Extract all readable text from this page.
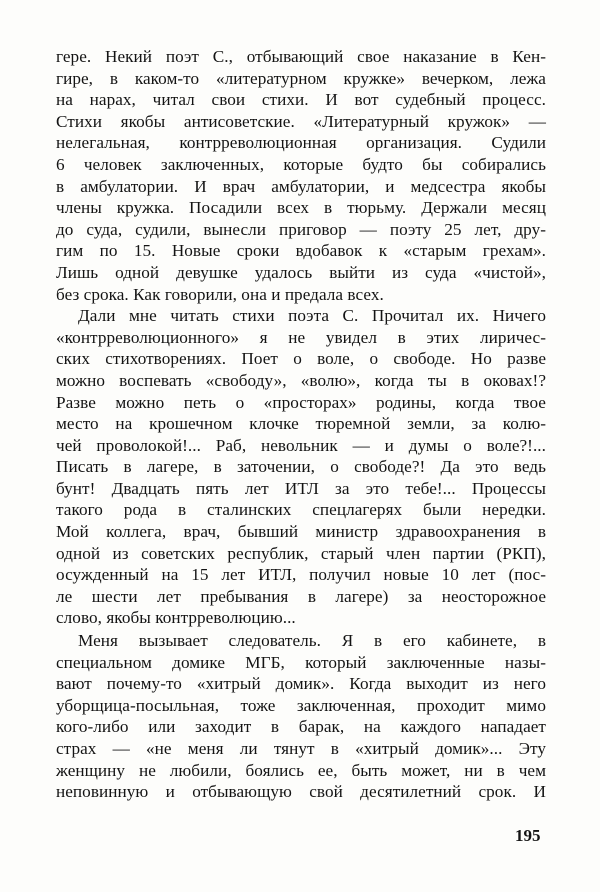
гере. Некий поэт С., отбывающий свое наказание в Кен-
гире, в каком-то «литературном кружке» вечерком, лежа
на нарах, читал свои стихи. И вот судебный процесс.
Стихи якобы антисоветские. «Литературный кружок» —
нелегальная, контрреволюционная организация. Судили
6 человек заключенных, которые будто бы собирались
в амбулатории. И врач амбулатории, и медсестра якобы
члены кружка. Посадили всех в тюрьму. Держали месяц
до суда, судили, вынесли приговор — поэту 25 лет, дру-
гим по 15. Новые сроки вдобавок к «старым грехам».
Лишь одной девушке удалось выйти из суда «чистой»,
без срока. Как говорили, она и предала всех.
Дали мне читать стихи поэта С. Прочитал их. Ничего
«контрреволюционного» я не увидел в этих лиричес-
ских стихотворениях. Поет о воле, о свободе. Но разве
можно воспевать «свободу», «волю», когда ты в оковах!?
Разве можно петь о «просторах» родины, когда твое
место на крошечном клочке тюремной земли, за колю-
чей проволокой!... Раб, невольник — и думы о воле?!...
Писать в лагере, в заточении, о свободе?! Да это ведь
бунт! Двадцать пять лет ИТЛ за это тебе!... Процессы
такого рода в сталинских спецлагерях были нередки.
Мой коллега, врач, бывший министр здравоохранения в
одной из советских республик, старый член партии (РКП),
осужденный на 15 лет ИТЛ, получил новые 10 лет (пос-
ле шести лет пребывания в лагере) за неосторожное
слово, якобы контрреволюцию...
Меня вызывает следователь. Я в его кабинете, в
специальном домике МГБ, который заключенные назы-
вают почему-то «хитрый домик». Когда выходит из него
уборщица-посыльная, тоже заключенная, проходит мимо
кого-либо или заходит в барак, на каждого нападает
страх — «не меня ли тянут в «хитрый домик»... Эту
женщину не любили, боялись ее, быть может, ни в чем
неповинную и отбывающую свой десятилетний срок. И
195
